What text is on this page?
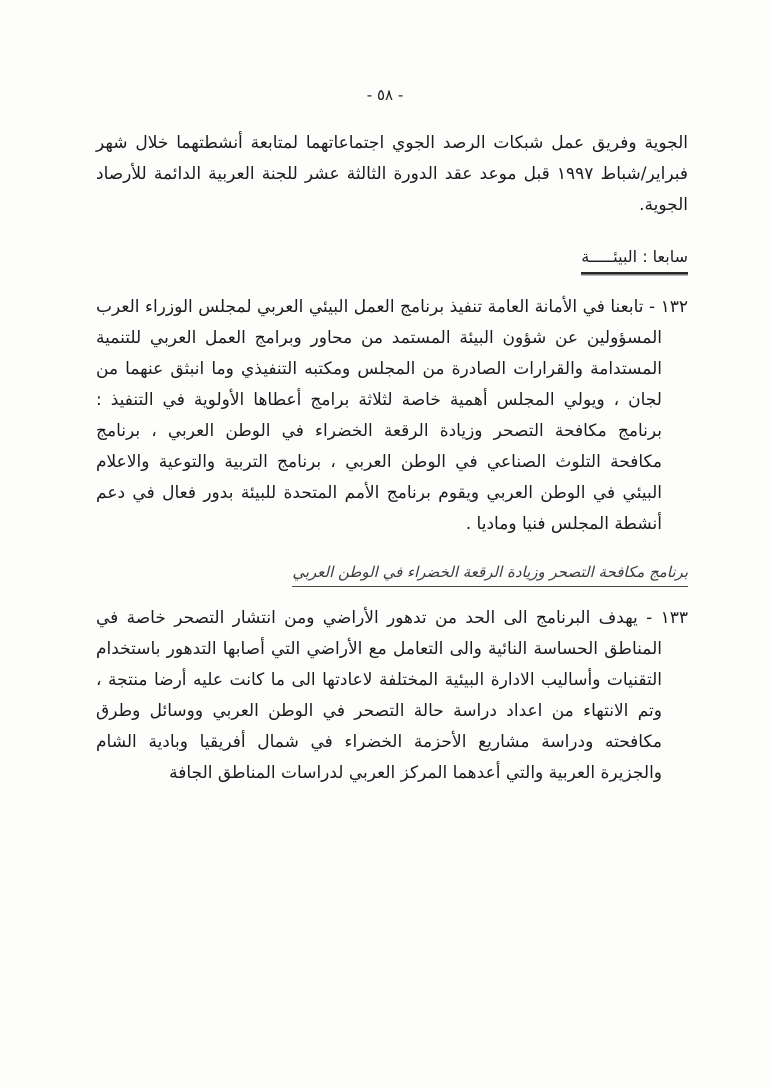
- ٥٨ -

الجوية وفريق عمل شبكات الرصد الجوي اجتماعاتهما لمتابعة أنشطتهما خلال شهر فبراير/شباط ١٩٩٧ قبل موعد عقد الدورة الثالثة عشر للجنة العربية الدائمة للأرصاد الجوية.

سابعا : البيئـــــة

١٣٢ - تابعنا في الأمانة العامة تنفيذ برنامج العمل البيئي العربي لمجلس الوزراء العرب المسؤولين عن شؤون البيئة المستمد من محاور وبرامج العمل العربي للتنمية المستدامة والقرارات الصادرة من المجلس ومكتبه التنفيذي وما انبثق عنهما من لجان ، ويولي المجلس أهمية خاصة لثلاثة برامج أعطاها الأولوية في التنفيذ : برنامج مكافحة التصحر وزيادة الرقعة الخضراء في الوطن العربي ، برنامج مكافحة التلوث الصناعي في الوطن العربي ، برنامج التربية والتوعية والاعلام البيئي في الوطن العربي ويقوم برنامج الأمم المتحدة للبيئة بدور فعال في دعم أنشطة المجلس فنيا وماديا .

برنامج مكافحة التصحر وزيادة الرقعة الخضراء في الوطن العربي

١٣٣ - يهدف البرنامج الى الحد من تدهور الأراضي ومن انتشار التصحر خاصة في المناطق الحساسة النائية والى التعامل مع الأراضي التي أصابها التدهور باستخدام التقنيات وأساليب الادارة البيئية المختلفة لاعادتها الى ما كانت عليه أرضا منتجة ، وتم الانتهاء من اعداد دراسة حالة التصحر في الوطن العربي ووسائل وطرق مكافحته ودراسة مشاريع الأحزمة الخضراء في شمال أفريقيا وبادية الشام والجزيرة العربية والتي أعدهما المركز العربي لدراسات المناطق الجافة
